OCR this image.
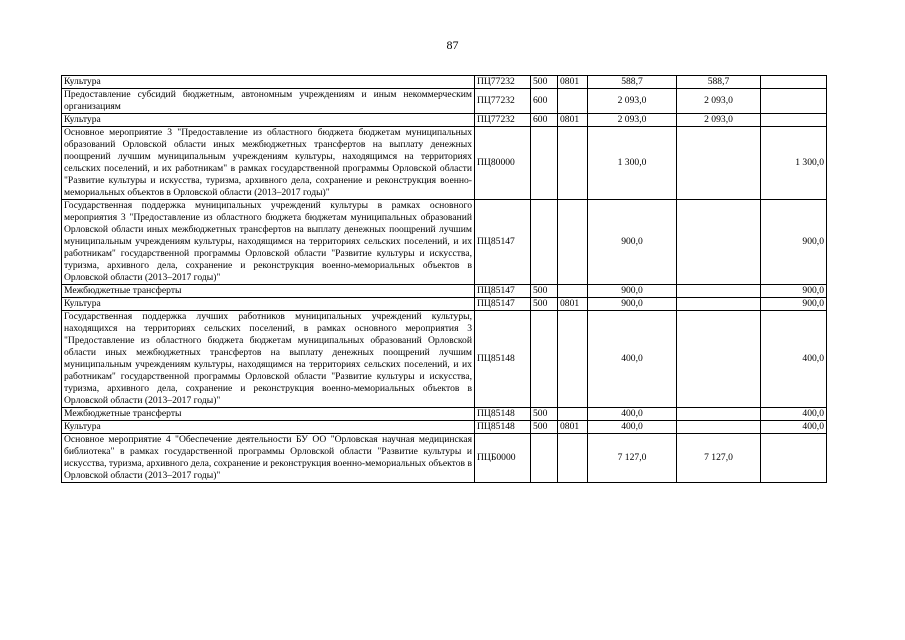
87
Культура	ПЦ77232	500	0801	588,7	588,7	
Предоставление субсидий бюджетным, автономным учреждениям и иным некоммерческим организациям	ПЦ77232	600		2 093,0	2 093,0	
Культура	ПЦ77232	600	0801	2 093,0	2 093,0	
Основное мероприятие 3 "Предоставление из областного бюджета бюджетам муниципальных образований Орловской области иных межбюджетных трансфертов на выплату денежных поощрений лучшим муниципальным учреждениям культуры, находящимся на территориях сельских поселений, и их работникам" в рамках государственной программы Орловской области "Развитие культуры и искусства, туризма, архивного дела, сохранение и реконструкция военно-мемориальных объектов в Орловской области (2013–2017 годы)"	ПЦ80000			1 300,0		1 300,0
Государственная поддержка муниципальных учреждений культуры в рамках основного мероприятия 3 "Предоставление из областного бюджета бюджетам муниципальных образований Орловской области иных межбюджетных трансфертов на выплату денежных поощрений лучшим муниципальным учреждениям культуры, находящимся на территориях сельских поселений, и их работникам" государственной программы Орловской области "Развитие культуры и искусства, туризма, архивного дела, сохранение и реконструкция военно-мемориальных объектов в Орловской области (2013–2017 годы)"	ПЦ85147			900,0		900,0
Межбюджетные трансферты	ПЦ85147	500		900,0		900,0
Культура	ПЦ85147	500	0801	900,0		900,0
Государственная поддержка лучших работников муниципальных учреждений культуры, находящихся на территориях сельских поселений, в рамках основного мероприятия 3 "Предоставление из областного бюджета бюджетам муниципальных образований Орловской области иных межбюджетных трансфертов на выплату денежных поощрений лучшим муниципальным учреждениям культуры, находящимся на территориях сельских поселений, и их работникам" государственной программы Орловской области "Развитие культуры и искусства, туризма, архивного дела, сохранение и реконструкция военно-мемориальных объектов в Орловской области (2013–2017 годы)"	ПЦ85148			400,0		400,0
Межбюджетные трансферты	ПЦ85148	500		400,0		400,0
Культура	ПЦ85148	500	0801	400,0		400,0
Основное мероприятие 4 "Обеспечение деятельности БУ ОО "Орловская научная медицинская библиотека" в рамках государственной программы Орловской области "Развитие культуры и искусства, туризма, архивного дела, сохранение и реконструкция военно-мемориальных объектов в Орловской области (2013–2017 годы)"	ПЦБ0000			7 127,0	7 127,0	
